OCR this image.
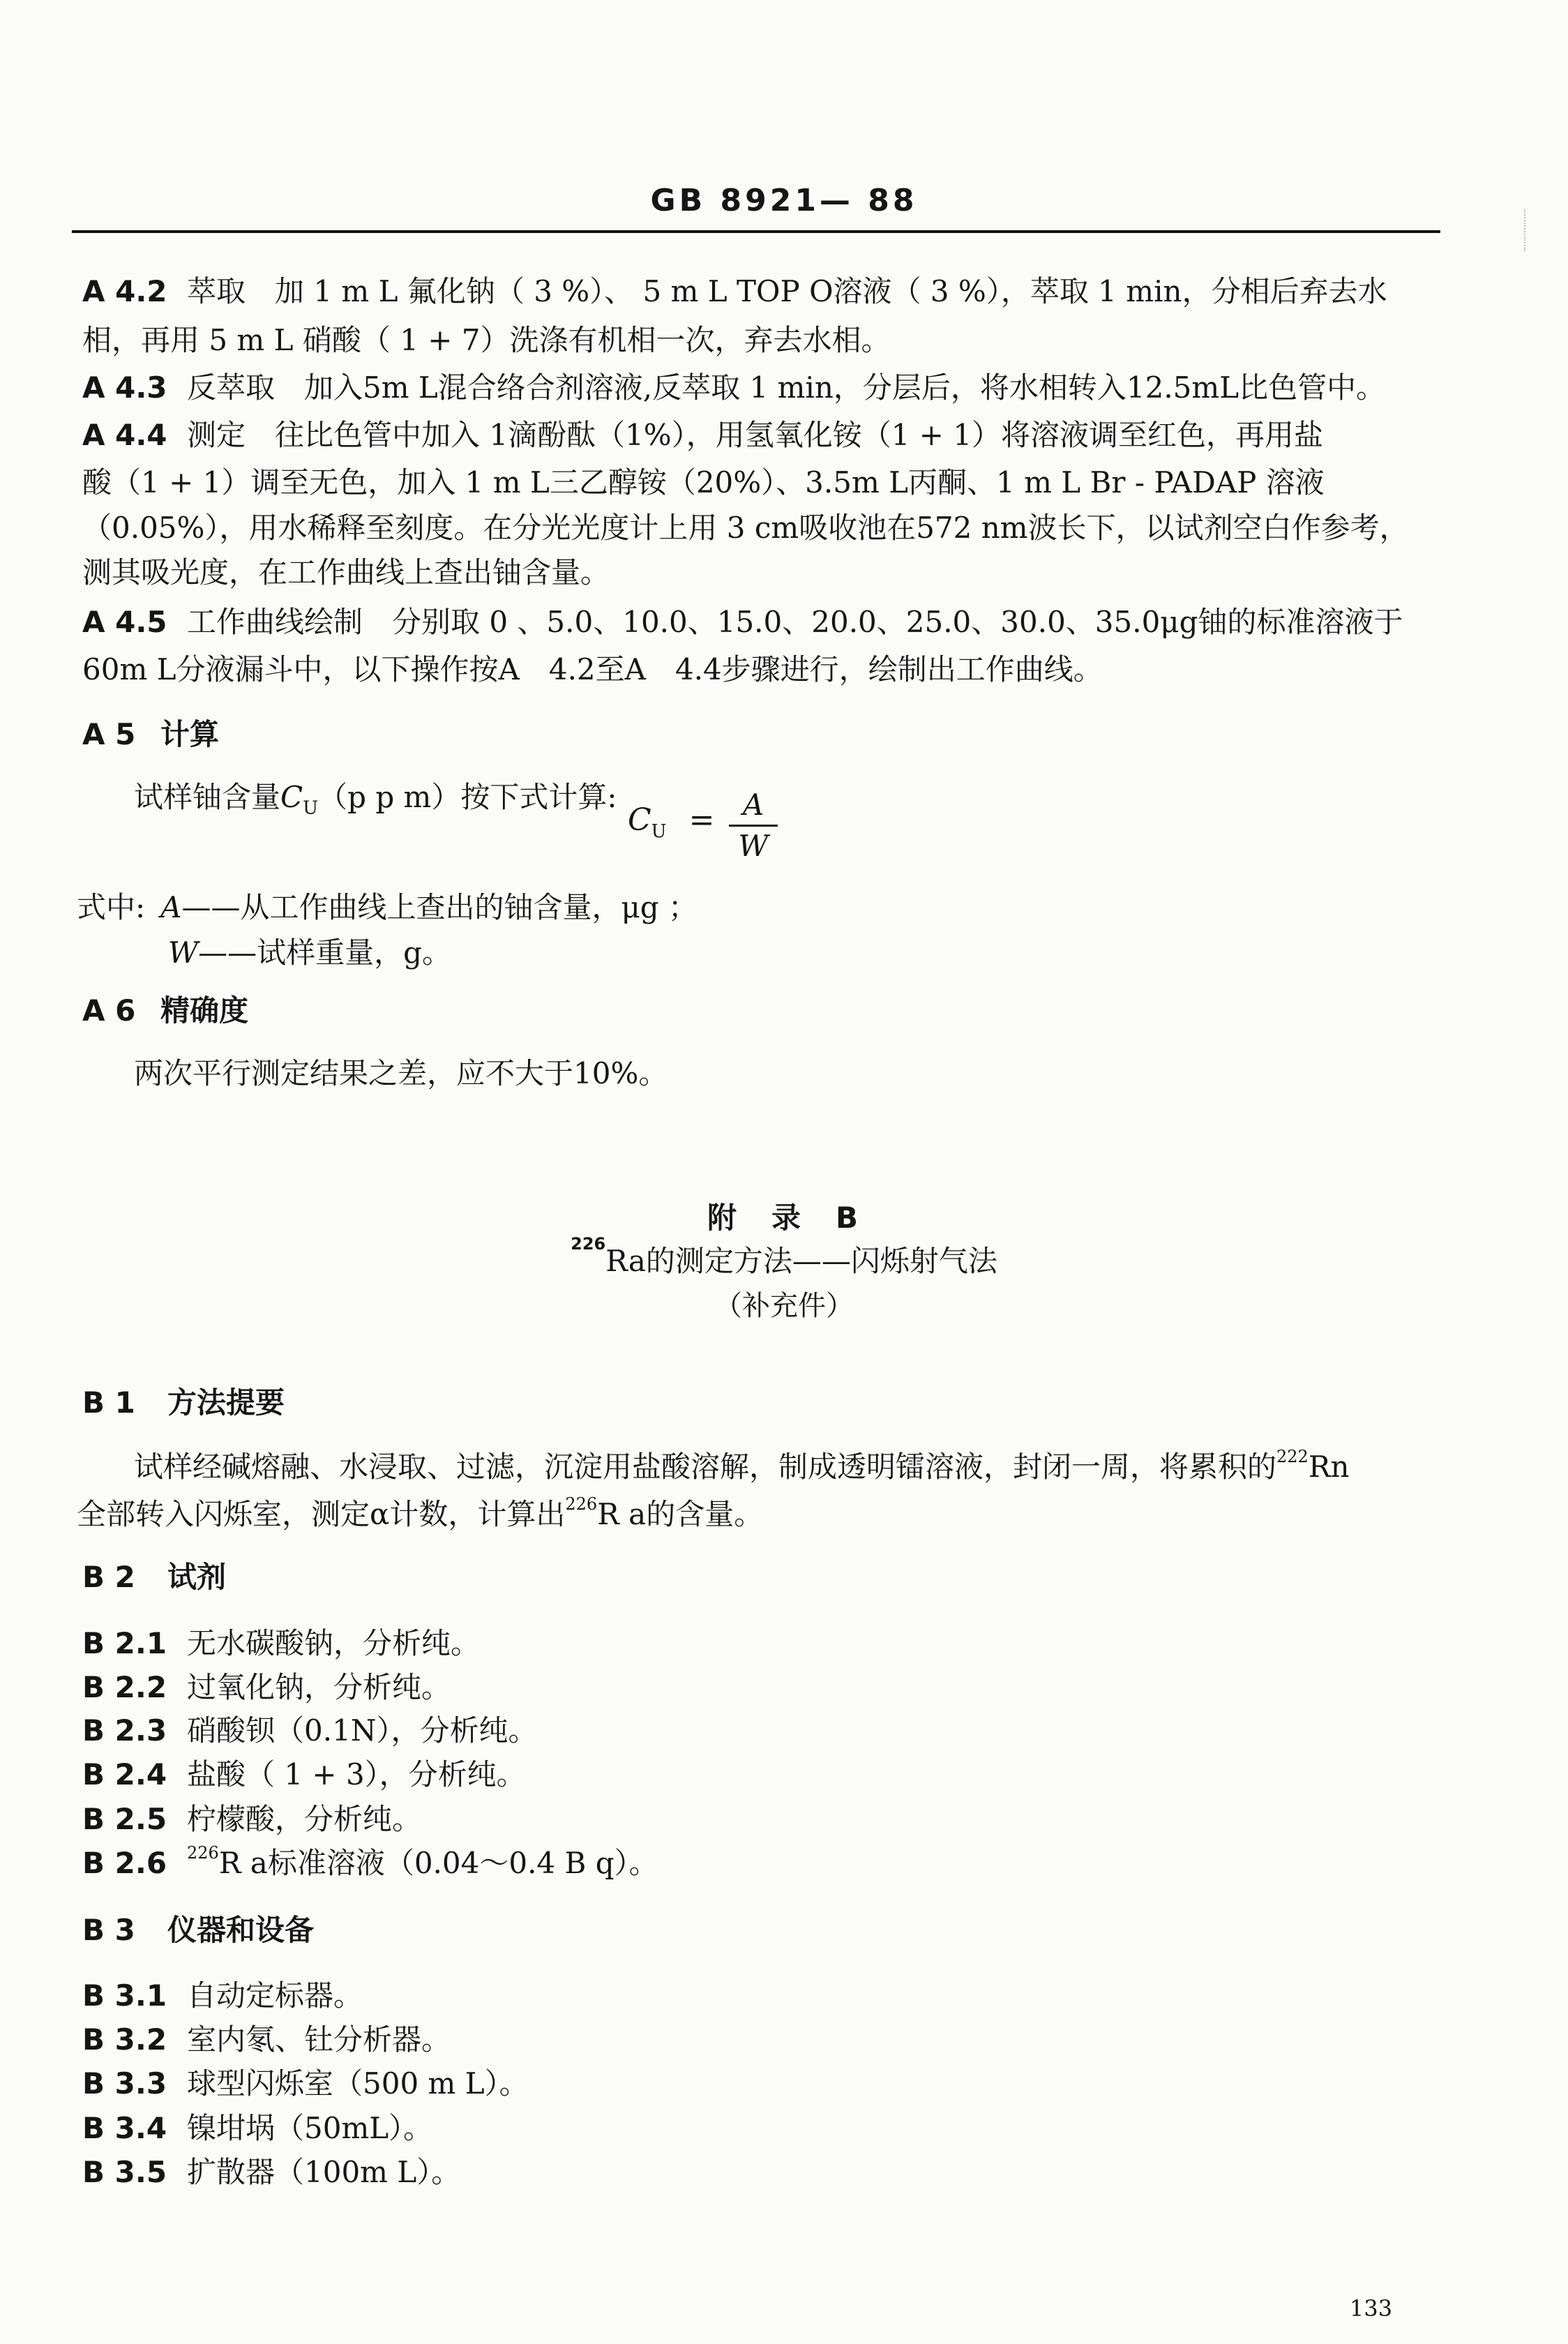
GB 8921— 88
A 4.2 萃取　加 1 m L 氟化钠（ 3 %）、 5 m L TOP O溶液（ 3 %），萃取 1 min，分相后弃去水
相，再用 5 m L 硝酸（ 1 + 7）洗涤有机相一次，弃去水相。
A 4.3 反萃取　加入5m L混合络合剂溶液,反萃取 1 min，分层后，将水相转入12.5mL比色管中。
A 4.4 测定　往比色管中加入 1滴酚酞（1%），用氢氧化铵（1 + 1）将溶液调至红色，再用盐
酸（1 + 1）调至无色，加入 1 m L三乙醇铵（20%）、3.5m L丙酮、1 m L Br - PADAP 溶液
（0.05%），用水稀释至刻度。在分光光度计上用 3 cm吸收池在572 nm波长下，以试剂空白作参考，
测其吸光度，在工作曲线上查出铀含量。
A 4.5 工作曲线绘制　分别取 0 、5.0、10.0、15.0、20.0、25.0、30.0、35.0μg铀的标准溶液于
60m L分液漏斗中，以下操作按A　4.2至A　4.4步骤进行，绘制出工作曲线。
A 5 计算
试样铀含量$C_U(p$ p m）按下式计算:
$C_U = A$
W
式中: A——从工作曲线上查出的铀含量，μg ；
W——试样重量，g。
A 6 精确度
两次平行测定结果之差，应不大于10%。
附　录　B
$^{226}$Ra的测定方法——闪烁射气法
（补充件）
B 1 方法提要
试样经碱熔融、水浸取、过滤，沉淀用盐酸溶解，制成透明镭溶液，封闭一周，将累积的$^{222}$Rn
全部转入闪烁室，测定α计数，计算出$^{226}$R a的含量。
B 2 试剂
B 2.1 无水碳酸钠，分析纯。
B 2.2 过氧化钠，分析纯。
B 2.3 硝酸钡（0.1N），分析纯。
B 2.4 盐酸（ 1 + 3），分析纯。
B 2.5 柠檬酸，分析纯。
B 2.6 $^{226}$R a标准溶液（0.04～0.4 B q）。
B 3 仪器和设备
B 3.1 自动定标器。
B 3.2 室内氡、钍分析器。
B 3.3 球型闪烁室（500 m L）。
B 3.4 镍坩埚（50mL）。
B 3.5 扩散器（100m L）。
133
